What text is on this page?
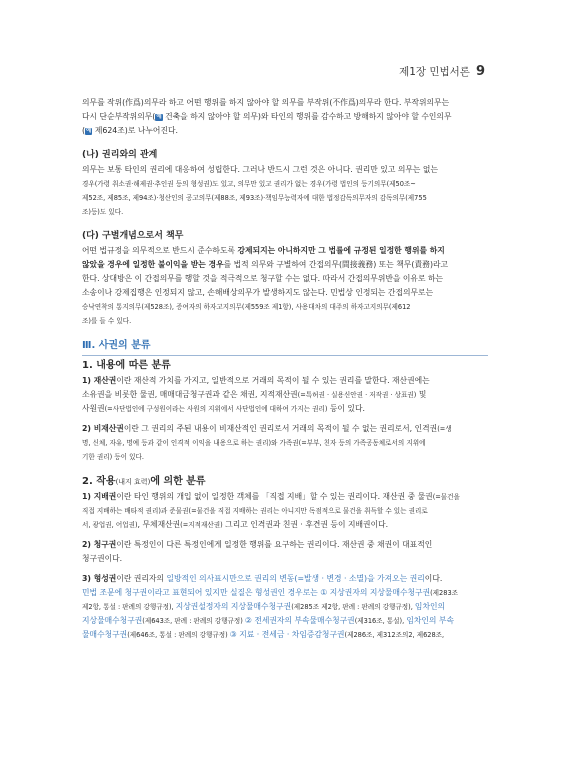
제1장 민법서론 9

의무를 작위(作爲)의무라 하고 어떤 행위를 하지 않아야 할 의무를 부작위(不作爲)의무라 한다. 부작위의무는

다시 단순부작위의무(예 건축을 하지 않아야 할 의무)와 타인의 행위를 감수하고 방해하지 않아야 할 수인의무

(예 제624조)로 나누어진다.

(나) 권리와의 관계

의무는 보통 타인의 권리에 대응하여 성립한다. 그러나 반드시 그런 것은 아니다. 권리만 있고 의무는 없는

경우(가령 취소권·해제권·추인권 등의 형성권)도 있고, 의무만 있고 권리가 없는 경우(가령 법인의 등기의무(제50조~

제52조, 제85조, 제94조)·청산인의 공고의무(제88조, 제93조)·책임무능력자에 대한 법정감독의무자의 감독의무(제755

조)등)도 있다.

(다) 구별개념으로서 책무

어떤 법규정을 의무적으로 반드시 준수하도록 강제되지는 아니하지만 그 법률에 규정된 일정한 행위를 하지

않았을 경우에 일정한 불이익을 받는 경우를 법적 의무와 구별하여 간접의무(間接義務) 또는 책무(責務)라고

한다. 상대방은 이 간접의무를 행할 것을 적극적으로 청구할 수는 없다. 따라서 간접의무위반을 이유로 하는

소송이나 강제집행은 인정되지 않고, 손해배상의무가 발생하지도 않는다. 민법상 인정되는 간접의무로는

승낙연착의 통지의무(제528조), 증여자의 하자고지의무(제559조 제1항), 사용대차의 대주의 하자고지의무(제612

조)를 들 수 있다.

Ⅲ. 사권의 분류
1. 내용에 따른 분류

1) 재산권이란 재산적 가치를 가지고, 일반적으로 거래의 목적이 될 수 있는 권리를 말한다. 재산권에는

소유권을 비롯한 물권, 매매대금청구권과 같은 채권, 지적재산권(=특허권 · 실용신안권 · 저작권 · 상표권) 및

사원권(=사단법인에 구성원이라는 사원의 지위에서 사단법인에 대하여 가지는 권리) 등이 있다.

2) 비재산권이란 그 권리의 주된 내용이 비재산적인 권리로서 거래의 목적이 될 수 없는 권리로서, 인격권(=생

명, 신체, 자유, 명예 등과 같이 인격적 이익을 내용으로 하는 권리)와 가족권(=부부, 친자 등의 가족공동체로서의 지위에

기한 권리) 등이 있다.

2. 작용(내지 효력)에 의한 분류

1) 지배권이란 타인 행위의 개입 없이 일정한 객체를 「직접 지배」할 수 있는 권리이다. 재산권 중 물권(=물건을

직접 지배하는 배타적 권리)과 준물권(=물건을 직접 지배하는 권리는 아니지만 독점적으로 물건을 취득할 수 있는 권리로

서, 광업권, 어업권), 무체재산권(=지적재산권) 그리고 인격권과 친권 · 후견권 등이 지배권이다.

2) 청구권이란 특정인이 다른 특정인에게 일정한 행위를 요구하는 권리이다. 재산권 중 채권이 대표적인

청구권이다.

3) 형성권이란 권리자의 일방적인 의사표시만으로 권리의 변동(=발생 · 변경 · 소멸)을 가져오는 권리이다.

민법 조문에 청구권이라고 표현되어 있지만 실질은 형성권인 경우로는 ① 지상권자의 지상물매수청구권(제283조

제2항, 통설 : 판례의 강행규정), 지상권설정자의 지상물매수청구권(제285조 제2항, 판례 : 판례의 강행규정), 임차인의

지상물매수청구권(제643조, 판례 : 판례의 강행규정) ② 전세권자의 부속물매수청구권(제316조, 통설), 임차인의 부속

물매수청구권(제646조, 통설 : 판례의 강행규정) ③ 지료 · 전세금 · 차임증감청구권(제286조, 제312조의2, 제628조,
